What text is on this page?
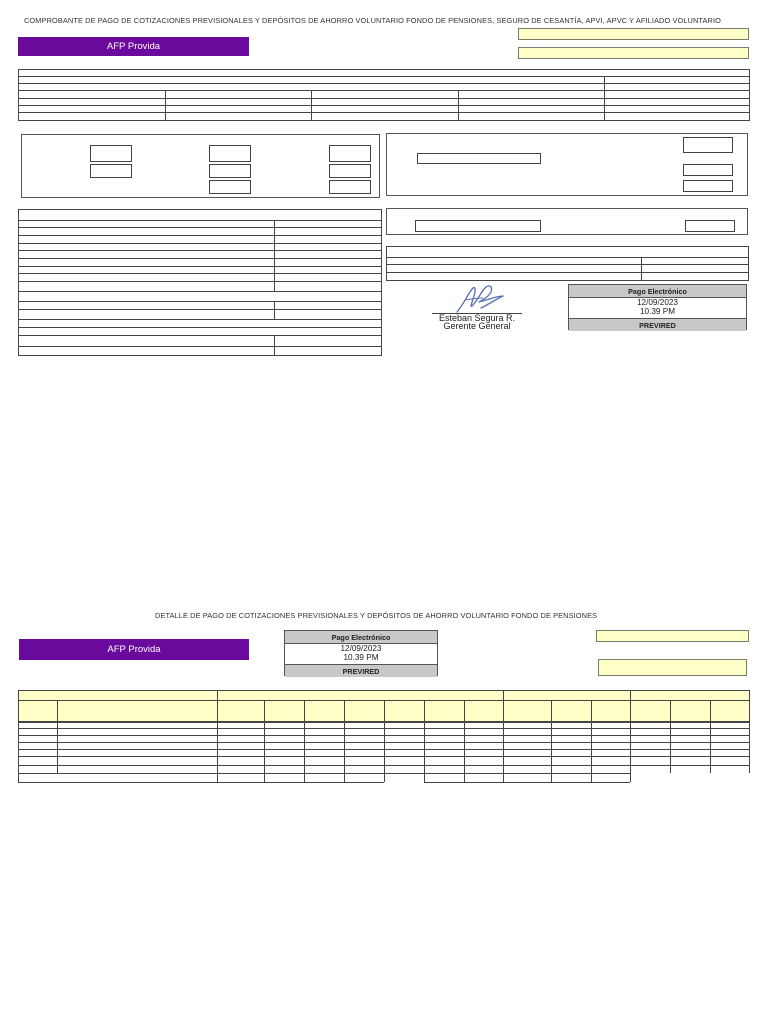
COMPROBANTE DE PAGO DE COTIZACIONES PREVISIONALES Y DEPÓSITOS DE AHORRO VOLUNTARIO FONDO DE PENSIONES, SEGURO DE CESANTÍA, APVI, APVC Y AFILIADO VOLUNTARIO
AFP Provida
Esteban Segura R.
Gerente General
Pago Electrónico
12/09/2023
10.39 PM
PREVIRED
DETALLE DE PAGO DE COTIZACIONES PREVISIONALES Y DEPÓSITOS DE AHORRO VOLUNTARIO FONDO DE PENSIONES
AFP Provida
Pago Electrónico
12/09/2023
10.39 PM
PREVIRED
